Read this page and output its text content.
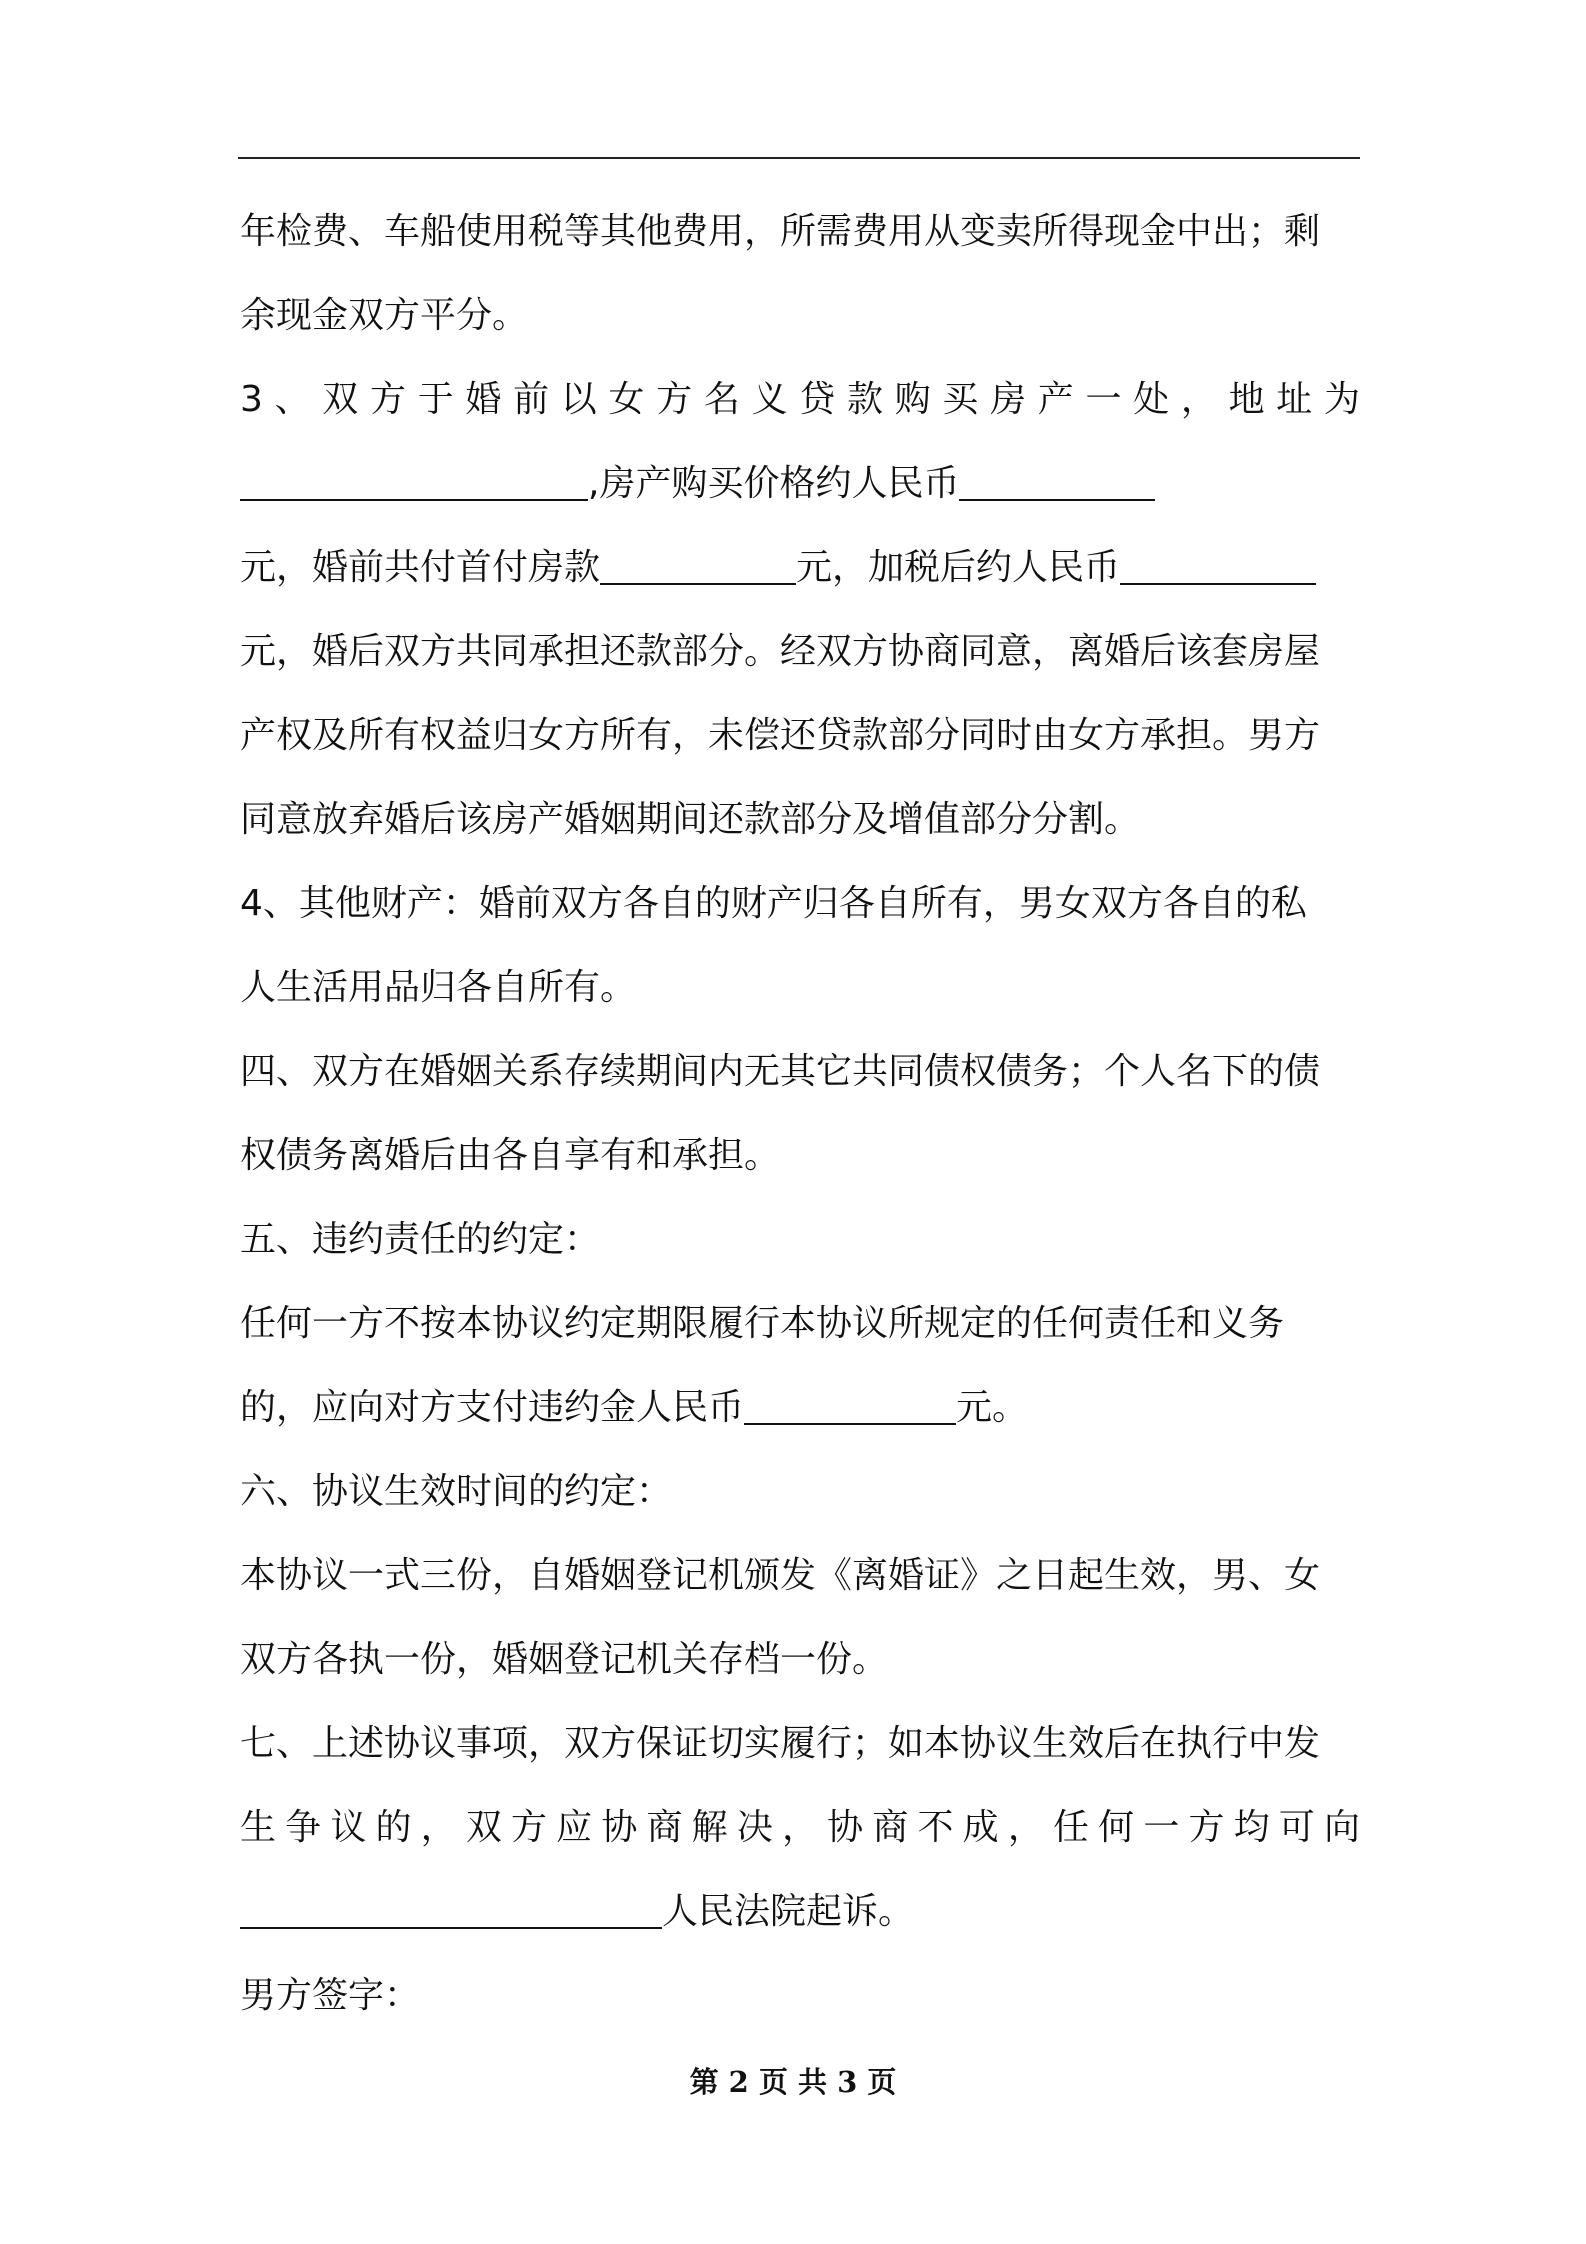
年检费、车船使用税等其他费用，所需费用从变卖所得现金中出；剩
余现金双方平分。
3、双方于婚前以女方名义贷款购买房产一处，地址为
,房产购买价格约人民币
元，婚前共付首付房款	元，加税后约人民币
元，婚后双方共同承担还款部分。经双方协商同意，离婚后该套房屋
产权及所有权益归女方所有，未偿还贷款部分同时由女方承担。男方
同意放弃婚后该房产婚姻期间还款部分及增值部分分割。
4、其他财产：婚前双方各自的财产归各自所有，男女双方各自的私
人生活用品归各自所有。
四、双方在婚姻关系存续期间内无其它共同债权债务；个人名下的债
权债务离婚后由各自享有和承担。
五、违约责任的约定：
任何一方不按本协议约定期限履行本协议所规定的任何责任和义务
的，应向对方支付违约金人民币	元。
六、协议生效时间的约定：
本协议一式三份，自婚姻登记机颁发《离婚证》之日起生效，男、女
双方各执一份，婚姻登记机关存档一份。
七、上述协议事项，双方保证切实履行；如本协议生效后在执行中发
生争议的，双方应协商解决，协商不成，任何一方均可向
人民法院起诉。
男方签字：
第 2 页 共 3 页
